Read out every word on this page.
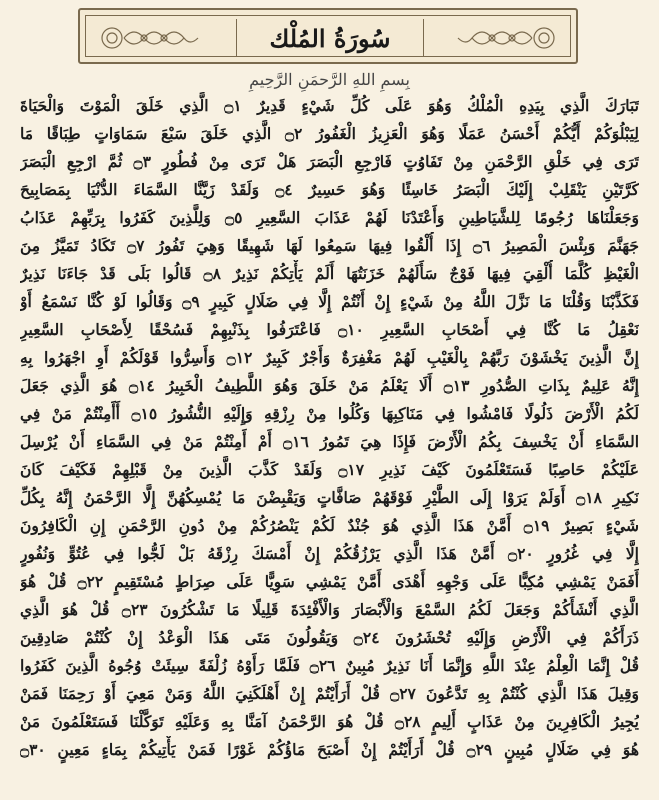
سُورَةُ المُلْك
بِسمِ اللهِ الرَّحمَنِ الرَّحِيمِ
تَبَارَكَ الَّذِي بِيَدِهِ الْمُلْكُ وَهُوَ عَلَى كُلِّ شَيْءٍ قَدِيرٌ ۝١ الَّذِي خَلَقَ الْمَوْتَ وَالْحَيَاةَ
لِيَبْلُوَكُمْ أَيُّكُمْ أَحْسَنُ عَمَلًا وَهُوَ الْعَزِيزُ الْغَفُورُ ۝٢ الَّذِي خَلَقَ سَبْعَ سَمَاوَاتٍ طِبَاقًا مَا
تَرَى فِي خَلْقِ الرَّحْمَنِ مِنْ تَفَاوُتٍ فَارْجِعِ الْبَصَرَ هَلْ تَرَى مِنْ فُطُورٍ ۝٣ ثُمَّ ارْجِعِ الْبَصَرَ
كَرَّتَيْنِ يَنْقَلِبْ إِلَيْكَ الْبَصَرُ خَاسِئًا وَهُوَ حَسِيرٌ ۝٤ وَلَقَدْ زَيَّنَّا السَّمَاءَ الدُّنْيَا بِمَصَابِيحَ
وَجَعَلْنَاهَا رُجُومًا لِلشَّيَاطِينِ وَأَعْتَدْنَا لَهُمْ عَذَابَ السَّعِيرِ ۝٥ وَلِلَّذِينَ كَفَرُوا بِرَبِّهِمْ عَذَابُ
جَهَنَّمَ وَبِئْسَ الْمَصِيرُ ۝٦ إِذَا أُلْقُوا فِيهَا سَمِعُوا لَهَا شَهِيقًا وَهِيَ تَفُورُ ۝٧ تَكَادُ تَمَيَّزُ مِنَ
الْغَيْظِ كُلَّمَا أُلْقِيَ فِيهَا فَوْجٌ سَأَلَهُمْ خَزَنَتُهَا أَلَمْ يَأْتِكُمْ نَذِيرٌ ۝٨ قَالُوا بَلَى قَدْ جَاءَنَا نَذِيرٌ
فَكَذَّبْنَا وَقُلْنَا مَا نَزَّلَ اللَّهُ مِنْ شَيْءٍ إِنْ أَنْتُمْ إِلَّا فِي ضَلَالٍ كَبِيرٍ ۝٩ وَقَالُوا لَوْ كُنَّا نَسْمَعُ أَوْ
نَعْقِلُ مَا كُنَّا فِي أَصْحَابِ السَّعِيرِ ۝١٠ فَاعْتَرَفُوا بِذَنْبِهِمْ فَسُحْقًا لِأَصْحَابِ السَّعِيرِ
إِنَّ الَّذِينَ يَخْشَوْنَ رَبَّهُمْ بِالْغَيْبِ لَهُمْ مَغْفِرَةٌ وَأَجْرٌ كَبِيرٌ ۝١٢ وَأَسِرُّوا قَوْلَكُمْ أَوِ اجْهَرُوا بِهِ
إِنَّهُ عَلِيمٌ بِذَاتِ الصُّدُورِ ۝١٣ أَلَا يَعْلَمُ مَنْ خَلَقَ وَهُوَ اللَّطِيفُ الْخَبِيرُ ۝١٤ هُوَ الَّذِي جَعَلَ
لَكُمُ الْأَرْضَ ذَلُولًا فَامْشُوا فِي مَنَاكِبِهَا وَكُلُوا مِنْ رِزْقِهِ وَإِلَيْهِ النُّشُورُ ۝١٥ أَأَمِنْتُمْ مَنْ فِي
السَّمَاءِ أَنْ يَخْسِفَ بِكُمُ الْأَرْضَ فَإِذَا هِيَ تَمُورُ ۝١٦ أَمْ أَمِنْتُمْ مَنْ فِي السَّمَاءِ أَنْ يُرْسِلَ
عَلَيْكُمْ حَاصِبًا فَسَتَعْلَمُونَ كَيْفَ نَذِيرِ ۝١٧ وَلَقَدْ كَذَّبَ الَّذِينَ مِنْ قَبْلِهِمْ فَكَيْفَ كَانَ
نَكِيرِ ۝١٨ أَوَلَمْ يَرَوْا إِلَى الطَّيْرِ فَوْقَهُمْ صَافَّاتٍ وَيَقْبِضْنَ مَا يُمْسِكُهُنَّ إِلَّا الرَّحْمَنُ إِنَّهُ بِكُلِّ
شَيْءٍ بَصِيرٌ ۝١٩ أَمَّنْ هَذَا الَّذِي هُوَ جُنْدٌ لَكُمْ يَنْصُرُكُمْ مِنْ دُونِ الرَّحْمَنِ إِنِ الْكَافِرُونَ
إِلَّا فِي غُرُورٍ ۝٢٠ أَمَّنْ هَذَا الَّذِي يَرْزُقُكُمْ إِنْ أَمْسَكَ رِزْقَهُ بَلْ لَجُّوا فِي عُتُوٍّ وَنُفُورٍ
أَفَمَنْ يَمْشِي مُكِبًّا عَلَى وَجْهِهِ أَهْدَى أَمَّنْ يَمْشِي سَوِيًّا عَلَى صِرَاطٍ مُسْتَقِيمٍ ۝٢٢ قُلْ هُوَ
الَّذِي أَنْشَأَكُمْ وَجَعَلَ لَكُمُ السَّمْعَ وَالْأَبْصَارَ وَالْأَفْئِدَةَ قَلِيلًا مَا تَشْكُرُونَ ۝٢٣ قُلْ هُوَ الَّذِي
ذَرَأَكُمْ فِي الْأَرْضِ وَإِلَيْهِ تُحْشَرُونَ ۝٢٤ وَيَقُولُونَ مَتَى هَذَا الْوَعْدُ إِنْ كُنْتُمْ صَادِقِينَ
قُلْ إِنَّمَا الْعِلْمُ عِنْدَ اللَّهِ وَإِنَّمَا أَنَا نَذِيرٌ مُبِينٌ ۝٢٦ فَلَمَّا رَأَوْهُ زُلْفَةً سِيئَتْ وُجُوهُ الَّذِينَ كَفَرُوا
وَقِيلَ هَذَا الَّذِي كُنْتُمْ بِهِ تَدَّعُونَ ۝٢٧ قُلْ أَرَأَيْتُمْ إِنْ أَهْلَكَنِيَ اللَّهُ وَمَنْ مَعِيَ أَوْ رَحِمَنَا فَمَنْ
يُجِيرُ الْكَافِرِينَ مِنْ عَذَابٍ أَلِيمٍ ۝٢٨ قُلْ هُوَ الرَّحْمَنُ آمَنَّا بِهِ وَعَلَيْهِ تَوَكَّلْنَا فَسَتَعْلَمُونَ مَنْ
هُوَ فِي ضَلَالٍ مُبِينٍ ۝٢٩ قُلْ أَرَأَيْتُمْ إِنْ أَصْبَحَ مَاؤُكُمْ غَوْرًا فَمَنْ يَأْتِيكُمْ بِمَاءٍ مَعِينٍ ۝٣٠
